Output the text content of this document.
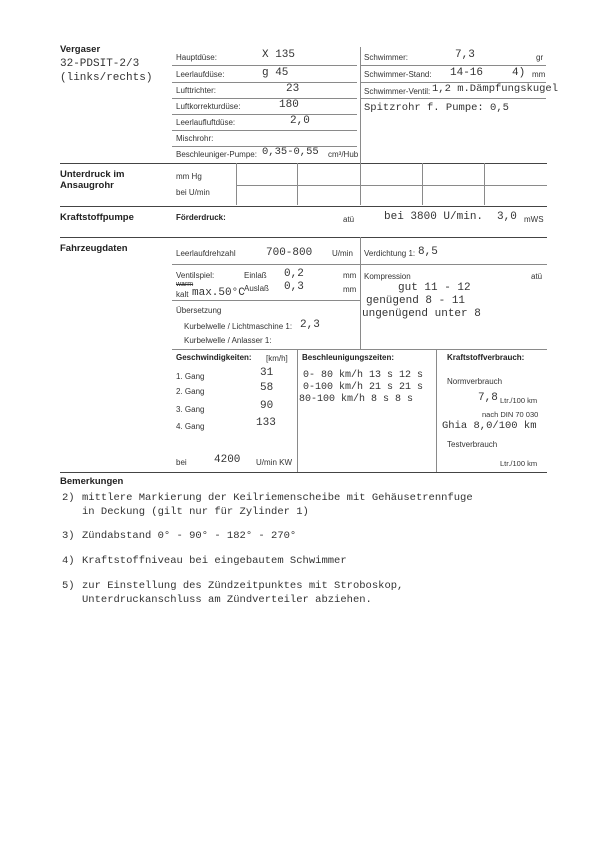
Vergaser
32-PDSIT-2/3
(links/rechts)
Hauptdüse:	X 135
Leerlaufdüse:	g 45
Lufttrichter:	23
Luftkorrekturdüse:	180
Leerlaufluftdüse:	2,0
Mischrohr:
Beschleuniger-Pumpe: 0,35-0,55 cm³/Hub
Schwimmer:	7,3	gr
Schwimmer-Stand: 14-16	4) mm
Schwimmer-Ventil: 1,2 m.Dämpfungskugel
Spitzrohr f. Pumpe: 0,5
Unterdruck im
Ansaugrohr
mm Hg
bei U/min
Kraftstoffpumpe	Förderdruck:	atü	bei 3800 U/min. 3,0 mWS
Fahrzeugdaten	Leerlaufdrehzahl	700-800 U/min Verdichtung 1: 8,5
Ventilspiel:	Einlaß 0,2	mm
warm
kalt max.50°C Auslaß 0,3	mm
Kompression	atü
gut 11 - 12
genügend 8 - 11
ungenügend unter 8
Übersetzung
Kurbelwelle / Lichtmaschine 1: 2,3
Kurbelwelle / Anlasser 1:
Geschwindigkeiten: [km/h]
1. Gang	31
2. Gang	58
3. Gang	90
4. Gang	133
bei 4200 U/min KW
Beschleunigungszeiten:
0- 80 km/h 13 s 12 s
0-100 km/h 21 s 21 s
80-100 km/h 8 s 8 s
Kraftstoffverbrauch:
Normverbrauch
7,8 Ltr./100 km
nach DIN 70 030
Ghia 8,0/100 km
Testverbrauch
Ltr./100 km
Bemerkungen
2) mittlere Markierung der Keilriemenscheibe mit Gehäusetrennfuge
in Deckung (gilt nur für Zylinder 1)
3) Zündabstand 0° - 90° - 182° - 270°
4) Kraftstoffniveau bei eingebautem Schwimmer
5) zur Einstellung des Zündzeitpunktes mit Stroboskop,
Unterdruckanschluss am Zündverteiler abziehen.
